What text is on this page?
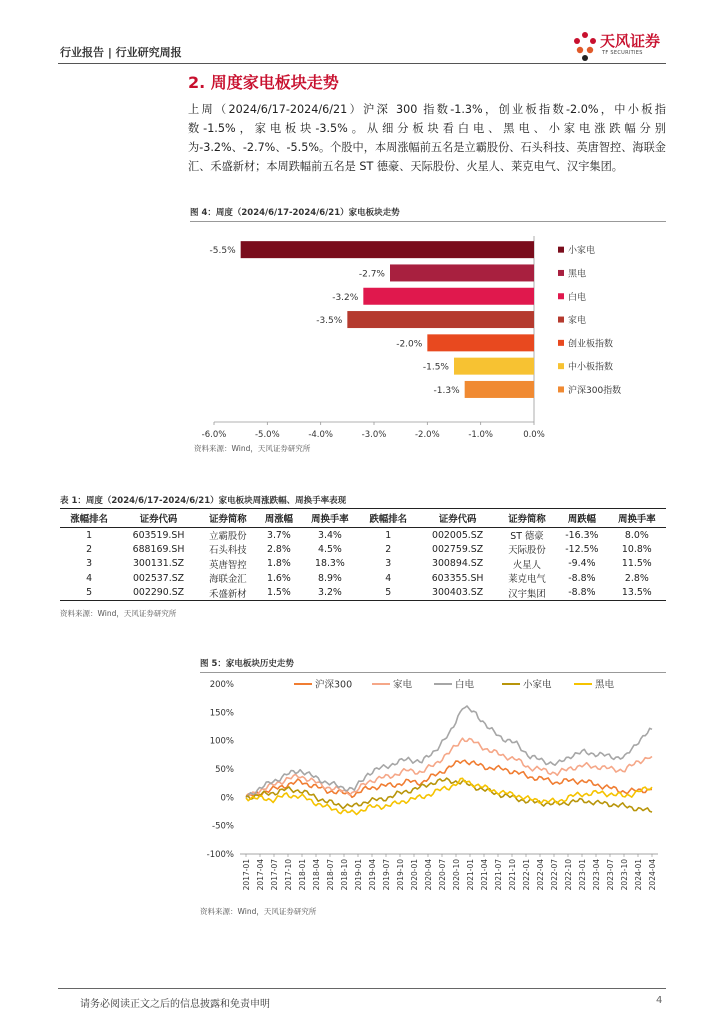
行业报告 | 行业研究周报
天风证券
TF SECURITIES
2. 周度家电板块走势
上周（2024/6/17-2024/6/21）沪深 300 指数-1.3%，创业板指数-2.0%，中小板指数-1.5%，家电板块-3.5%。从细分板块看白电、黑电、小家电涨跌幅分别为-3.2%、-2.7%、-5.5%。个股中，本周涨幅前五名是立霸股份、石头科技、英唐智控、海联金汇、禾盛新材；本周跌幅前五名是 ST 德豪、天际股份、火星人、莱克电气、汉宇集团。
图 4：周度（2024/6/17-2024/6/21）家电板块走势
-5.5%	小家电
-2.7%	黑电
-3.2%	白电
-3.5%	家电
-2.0%	创业板指数
-1.5%	中小板指数
-1.3%	沪深300指数
-6.0%	-5.0%	-4.0%	-3.0%	-2.0%	-1.0%	0.0%
资料来源：Wind，天风证券研究所
表 1：周度（2024/6/17-2024/6/21）家电板块周涨跌幅、周换手率表现
涨幅排名	证券代码	证券简称	周涨幅	周换手率	跌幅排名	证券代码	证券简称	周跌幅	周换手率
1	603519.SH	立霸股份	3.7%	3.4%	1	002005.SZ	ST 德豪	-16.3%	8.0%
2	688169.SH	石头科技	2.8%	4.5%	2	002759.SZ	天际股份	-12.5%	10.8%
3	300131.SZ	英唐智控	1.8%	18.3%	3	300894.SZ	火星人	-9.4%	11.5%
4	002537.SZ	海联金汇	1.6%	8.9%	4	603355.SH	莱克电气	-8.8%	2.8%
5	002290.SZ	禾盛新材	1.5%	3.2%	5	300403.SZ	汉宇集团	-8.8%	13.5%
资料来源：Wind，天风证券研究所
图 5：家电板块历史走势
200%
150%
100%
50%
0%
-50%
-100%
2017-01 2017-04 2017-07 2017-10 2018-01 2018-04 2018-07 2018-10 2019-01 2019-04 2019-07 2019-10 2020-01 2020-04 2020-07 2020-10 2021-01 2021-04 2021-07 2021-10 2022-01 2022-04 2022-07 2022-10 2023-01 2023-04 2023-07 2023-10 2024-01 2024-04
沪深300	家电	白电	小家电	黑电
资料来源：Wind，天风证券研究所
请务必阅读正文之后的信息披露和免责申明	4
